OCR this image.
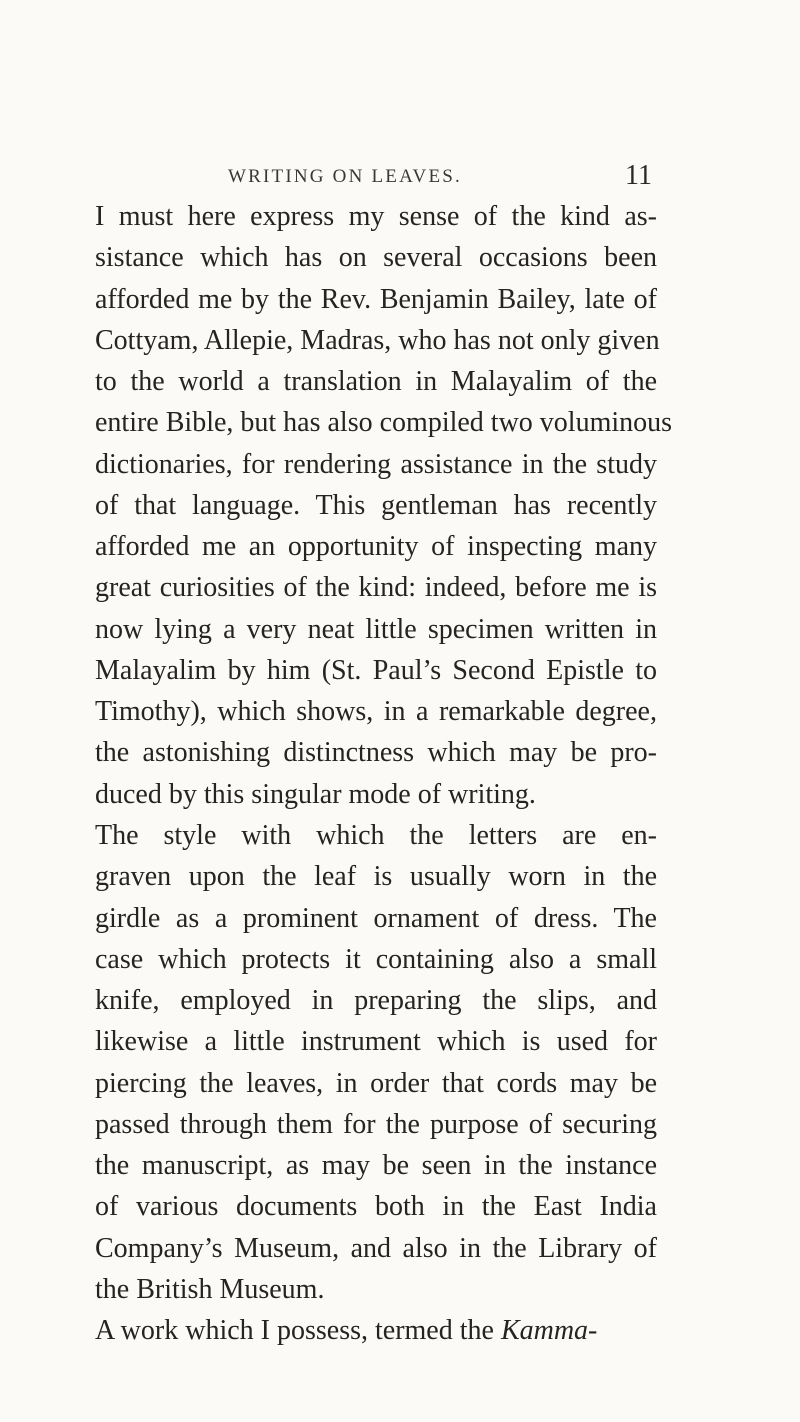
WRITING ON LEAVES.	11
I must here express my sense of the kind as-
sistance which has on several occasions been
afforded me by the Rev. Benjamin Bailey, late of
Cottyam, Allepie, Madras, who has not only given
to the world a translation in Malayalim of the
entire Bible, but has also compiled two voluminous
dictionaries, for rendering assistance in the study
of that language. This gentleman has recently
afforded me an opportunity of inspecting many
great curiosities of the kind: indeed, before me is
now lying a very neat little specimen written in
Malayalim by him (St. Paul’s Second Epistle to
Timothy), which shows, in a remarkable degree,
the astonishing distinctness which may be pro-
duced by this singular mode of writing.
The style with which the letters are en-
graven upon the leaf is usually worn in the
girdle as a prominent ornament of dress. The
case which protects it containing also a small
knife, employed in preparing the slips, and
likewise a little instrument which is used for
piercing the leaves, in order that cords may be
passed through them for the purpose of securing
the manuscript, as may be seen in the instance
of various documents both in the East India
Company’s Museum, and also in the Library of
the British Museum.
A work which I possess, termed the Kamma-
